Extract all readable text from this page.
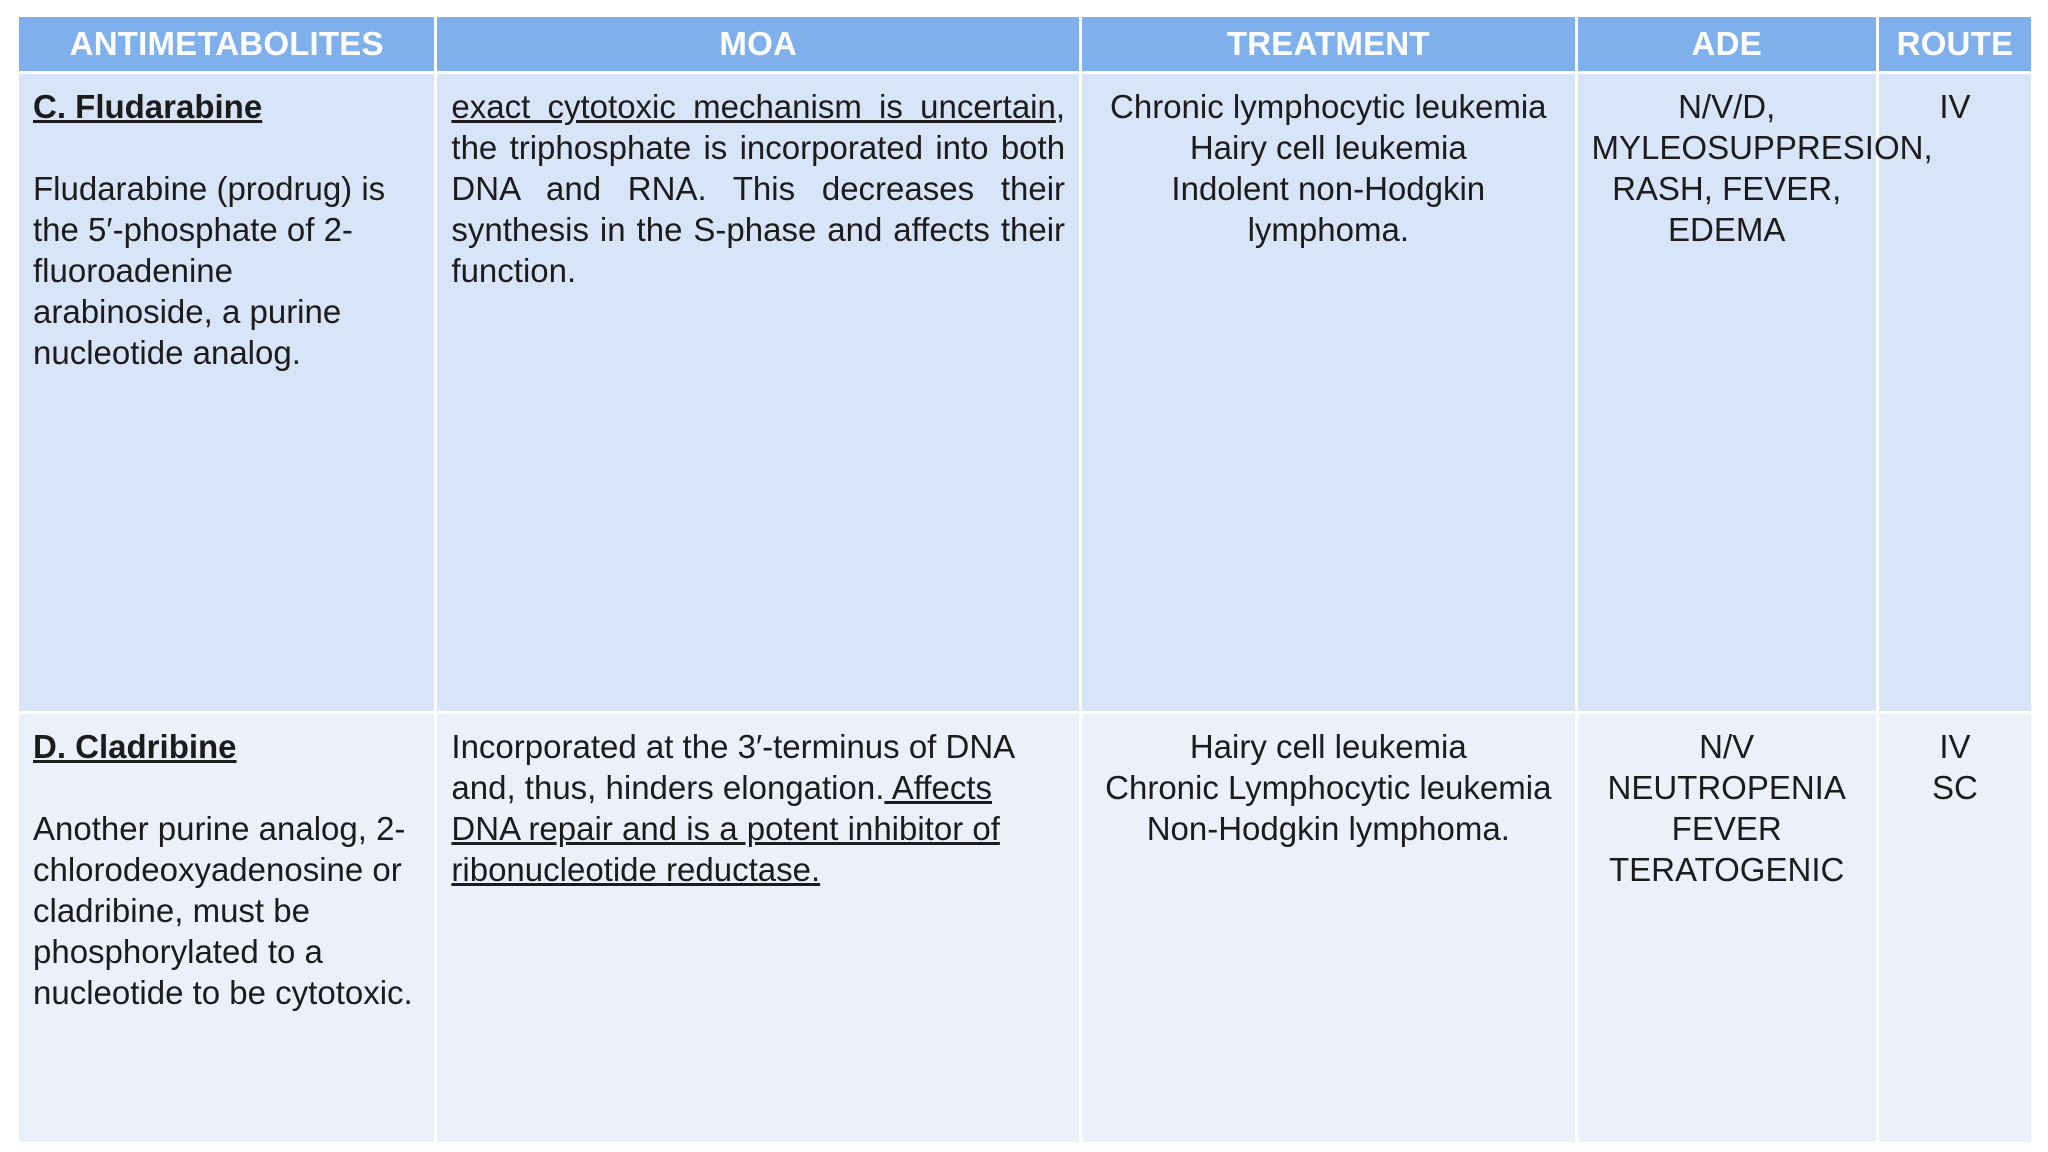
ANTIMETABOLITES	MOA	TREATMENT	ADE	ROUTE

C. Fludarabine
Fludarabine (prodrug) is the 5′-phosphate of 2-fluoroadenine arabinoside, a purine nucleotide analog.	exact cytotoxic mechanism is uncertain, the triphosphate is incorporated into both DNA and RNA. This decreases their synthesis in the S-phase and affects their function.	Chronic lymphocytic leukemia
Hairy cell leukemia
Indolent non-Hodgkin lymphoma.	N/V/D, MYLEOSUPPRESION, RASH, FEVER, EDEMA	IV

D. Cladribine
Another purine analog, 2-chlorodeoxyadenosine or cladribine, must be phosphorylated to a nucleotide to be cytotoxic.	Incorporated at the 3′-terminus of DNA and, thus, hinders elongation. Affects DNA repair and is a potent inhibitor of ribonucleotide reductase.	Hairy cell leukemia
Chronic Lymphocytic leukemia
Non-Hodgkin lymphoma.	N/V
NEUTROPENIA
FEVER
TERATOGENIC	IV
SC
